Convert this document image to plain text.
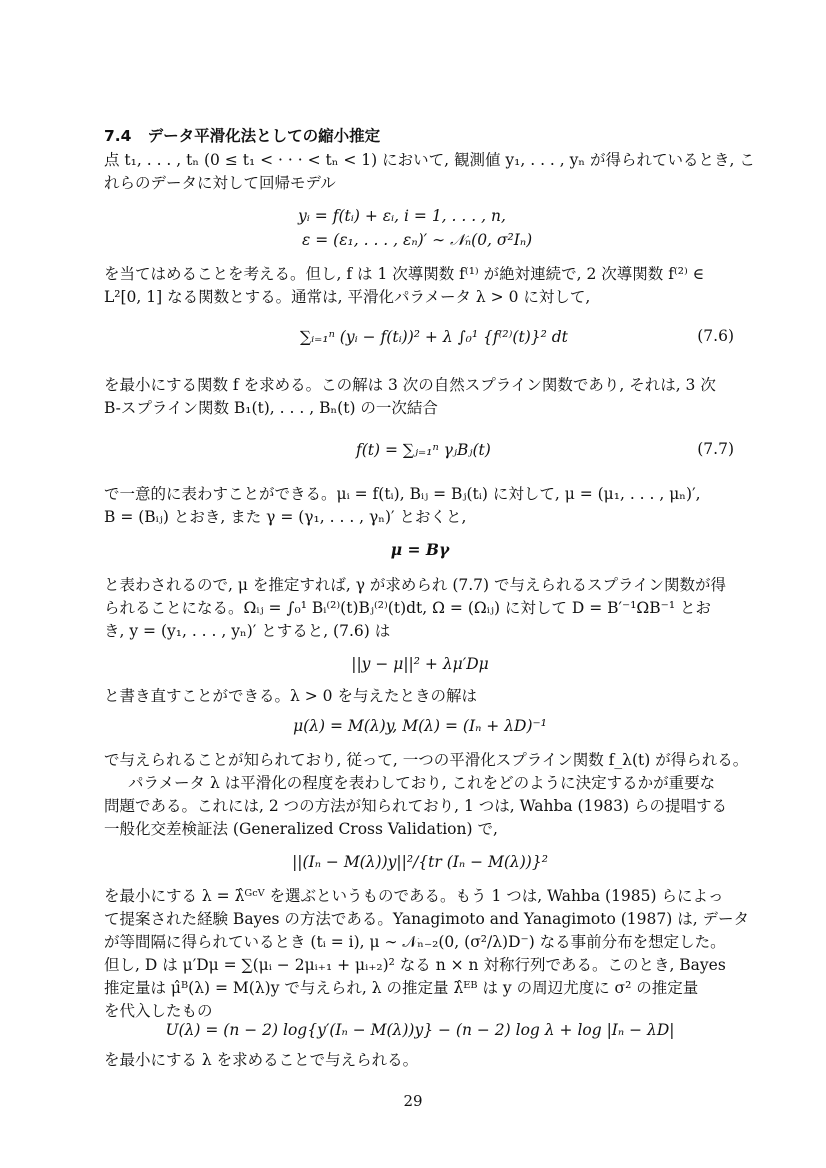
7.4 データ平滑化法としての縮小推定
点 t₁, . . . , tₙ (0 ≤ t₁ < · · · < tₙ < 1) において, 観測値 y₁, . . . , yₙ が得られているとき, こ
れらのデータに対して回帰モデル
yᵢ = f(tᵢ) + εᵢ, i = 1, . . . , n,
ε = (ε₁, . . . , εₙ)′ ∼ 𝒩ₙ(0, σ²Iₙ)
を当てはめることを考える。但し, f は 1 次導関数 f⁽¹⁾ が絶対連続で, 2 次導関数 f⁽²⁾ ∈
L²[0, 1] なる関数とする。通常は, 平滑化パラメータ λ > 0 に対して,
∑ᵢ₌₁ⁿ (yᵢ − f(tᵢ))² + λ ∫₀¹ {f⁽²⁾(t)}² dt	(7.6)
を最小にする関数 f を求める。この解は 3 次の自然スプライン関数であり, それは, 3 次
B-スプライン関数 B₁(t), . . . , Bₙ(t) の一次結合
f(t) = ∑ⱼ₌₁ⁿ γⱼBⱼ(t)	(7.7)
で一意的に表わすことができる。μᵢ = f(tᵢ), Bᵢⱼ = Bⱼ(tᵢ) に対して, μ = (μ₁, . . . , μₙ)′,
B = (Bᵢⱼ) とおき, また γ = (γ₁, . . . , γₙ)′ とおくと,
μ = Bγ
と表わされるので, μ を推定すれば, γ が求められ (7.7) で与えられるスプライン関数が得
られることになる。Ωᵢⱼ = ∫₀¹ Bᵢ⁽²⁾(t)Bⱼ⁽²⁾(t)dt, Ω = (Ωᵢⱼ) に対して D = B′⁻¹ΩB⁻¹ とお
き, y = (y₁, . . . , yₙ)′ とすると, (7.6) は
||y − μ||² + λμ′Dμ
と書き直すことができる。λ > 0 を与えたときの解は
μ(λ) = M(λ)y, M(λ) = (Iₙ + λD)⁻¹
で与えられることが知られており, 従って, 一つの平滑化スプライン関数 f_λ(t) が得られる。
パラメータ λ は平滑化の程度を表わしており, これをどのように決定するかが重要な
問題である。これには, 2 つの方法が知られており, 1 つは, Wahba (1983) らの提唱する
一般化交差検証法 (Generalized Cross Validation) で,
||(Iₙ − M(λ))y||²/{tr (Iₙ − M(λ))}²
を最小にする λ = λ̂ᴳᶜⱽ を選ぶというものである。もう 1 つは, Wahba (1985) らによっ
て提案された経験 Bayes の方法である。Yanagimoto and Yanagimoto (1987) は, データ
が等間隔に得られているとき (tᵢ = i), μ ∼ 𝒩ₙ₋₂(0, (σ²/λ)D⁻) なる事前分布を想定した。
但し, D は μ′Dμ = ∑(μᵢ − 2μᵢ₊₁ + μᵢ₊₂)² なる n × n 対称行列である。このとき, Bayes
推定量は μ̂ᴮ(λ) = M(λ)y で与えられ, λ の推定量 λ̂ᴱᴮ は y の周辺尤度に σ² の推定量
を代入したもの
U(λ) = (n − 2) log{y′(Iₙ − M(λ))y} − (n − 2) log λ + log |Iₙ − λD|
を最小にする λ を求めることで与えられる。
29
